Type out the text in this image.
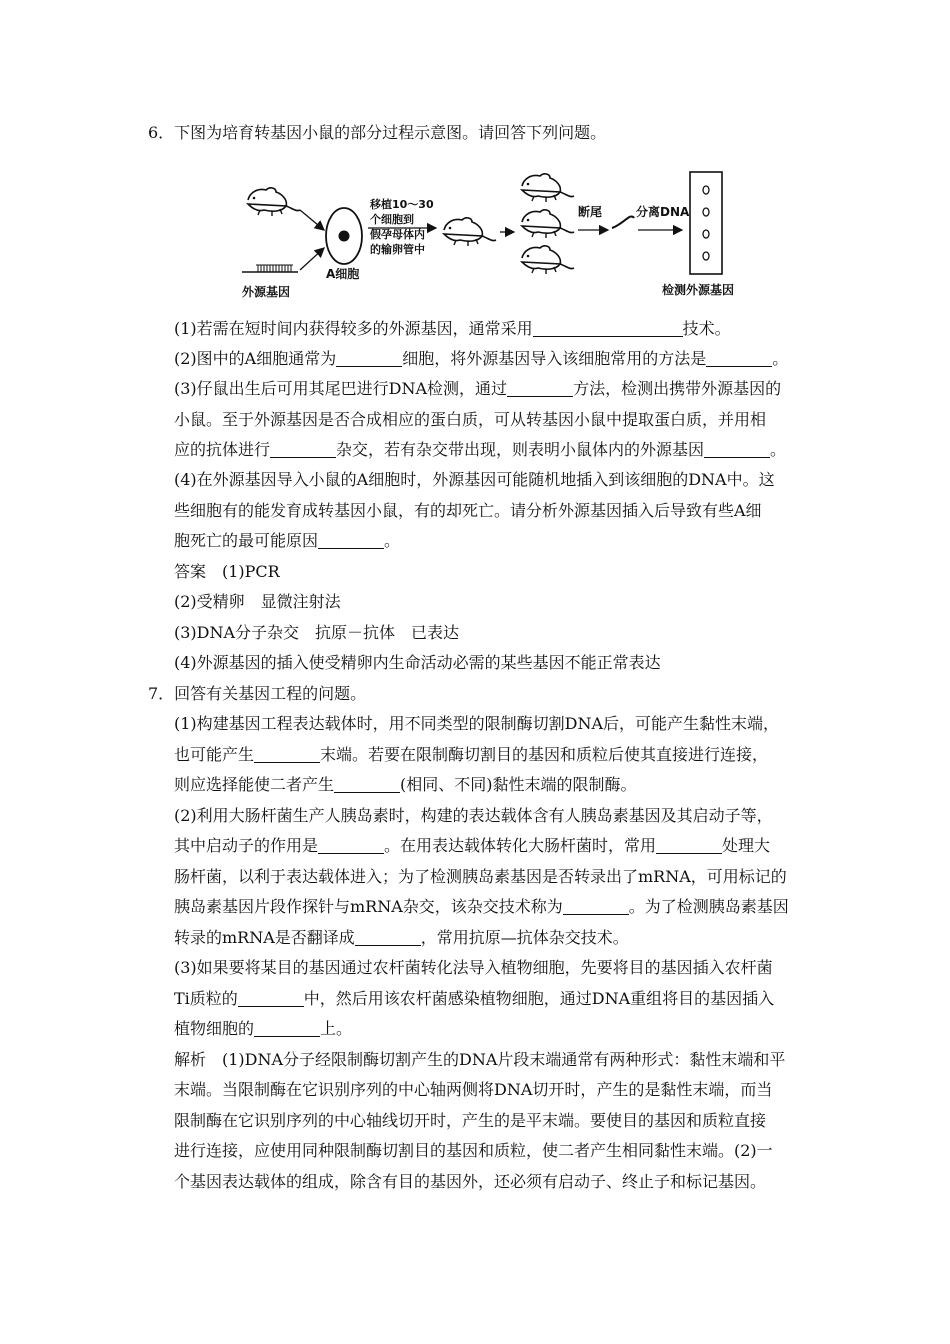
6．下图为培育转基因小鼠的部分过程示意图。请回答下列问题。
外源基因
A细胞
移植10～30
个细胞到
假孕母体内
的输卵管中
断尾	分离DNA
检测外源基因
(1)若需在短时间内获得较多的外源基因，通常采用	技术。
(2)图中的A细胞通常为	细胞，将外源基因导入该细胞常用的方法是	。
(3)仔鼠出生后可用其尾巴进行DNA检测，通过	方法，检测出携带外源基因的
小鼠。至于外源基因是否合成相应的蛋白质，可从转基因小鼠中提取蛋白质，并用相
应的抗体进行	杂交，若有杂交带出现，则表明小鼠体内的外源基因	。
(4)在外源基因导入小鼠的A细胞时，外源基因可能随机地插入到该细胞的DNA中。这
些细胞有的能发育成转基因小鼠，有的却死亡。请分析外源基因插入后导致有些A细
胞死亡的最可能原因	。
答案　(1)PCR
(2)受精卵　显微注射法
(3)DNA分子杂交　抗原－抗体　已表达
(4)外源基因的插入使受精卵内生命活动必需的某些基因不能正常表达
7．回答有关基因工程的问题。
(1)构建基因工程表达载体时，用不同类型的限制酶切割DNA后，可能产生黏性末端，
也可能产生	末端。若要在限制酶切割目的基因和质粒后使其直接进行连接，
则应选择能使二者产生	(相同、不同)黏性末端的限制酶。
(2)利用大肠杆菌生产人胰岛素时，构建的表达载体含有人胰岛素基因及其启动子等，
其中启动子的作用是	。在用表达载体转化大肠杆菌时，常用	处理大
肠杆菌，以利于表达载体进入；为了检测胰岛素基因是否转录出了mRNA，可用标记的
胰岛素基因片段作探针与mRNA杂交，该杂交技术称为	。为了检测胰岛素基因
转录的mRNA是否翻译成	，常用抗原—抗体杂交技术。
(3)如果要将某目的基因通过农杆菌转化法导入植物细胞，先要将目的基因插入农杆菌
Ti质粒的	中，然后用该农杆菌感染植物细胞，通过DNA重组将目的基因插入
植物细胞的	上。
解析　(1)DNA分子经限制酶切割产生的DNA片段末端通常有两种形式：黏性末端和平
末端。当限制酶在它识别序列的中心轴两侧将DNA切开时，产生的是黏性末端，而当
限制酶在它识别序列的中心轴线切开时，产生的是平末端。要使目的基因和质粒直接
进行连接，应使用同种限制酶切割目的基因和质粒，使二者产生相同黏性末端。(2)一
个基因表达载体的组成，除含有目的基因外，还必须有启动子、终止子和标记基因。
